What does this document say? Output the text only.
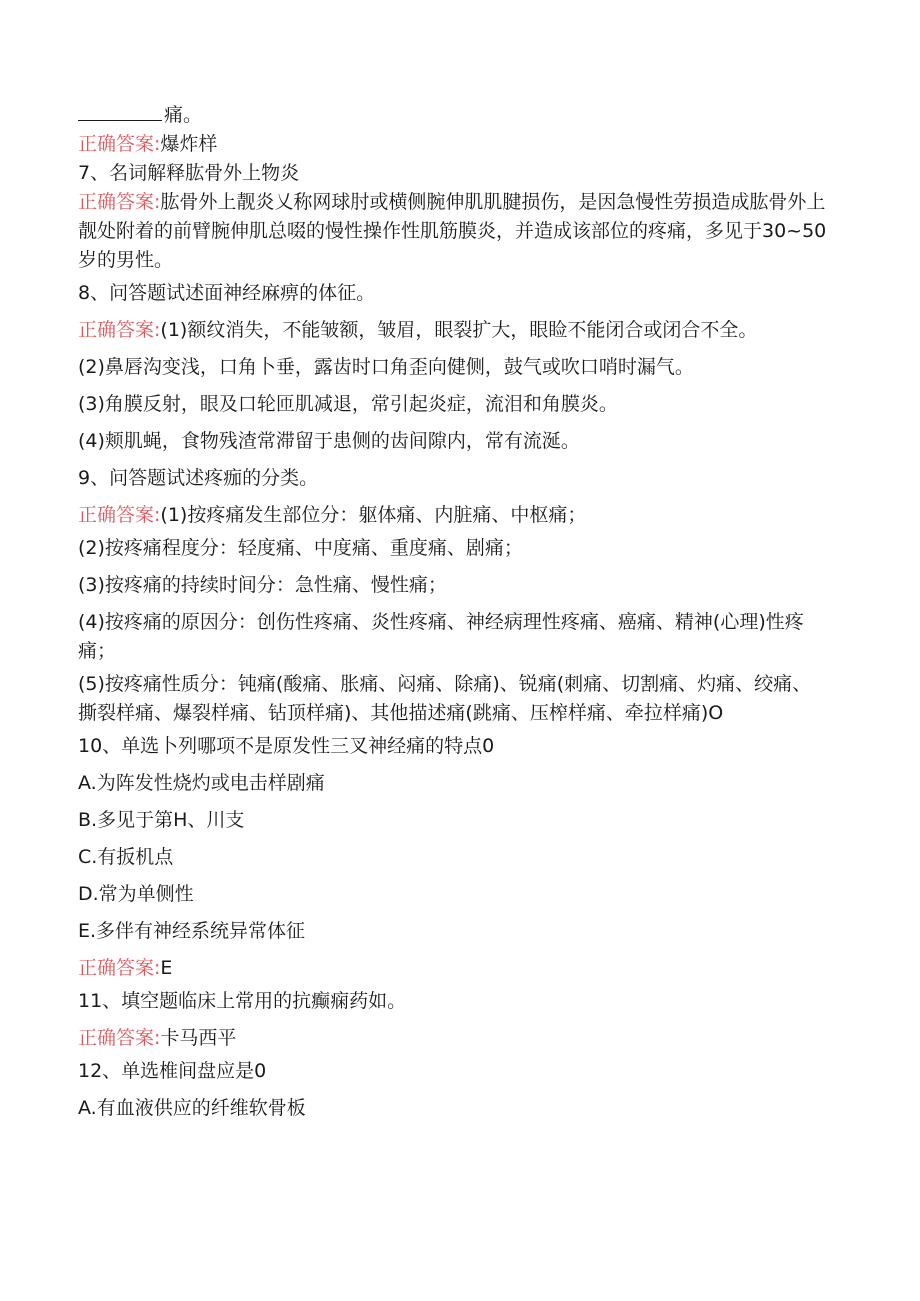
痛。
正确答案:爆炸样
7、名词解释肱骨外上物炎
正确答案:肱骨外上靓炎乂称网球肘或横侧腕伸肌肌腱损伤，是因急慢性劳损造成肱骨外上靓处附着的前臂腕伸肌总啜的慢性操作性肌筋膜炎，并造成该部位的疼痛，多见于30~50岁的男性。
8、问答题试述面神经麻痹的体征。
正确答案:(1)额纹消失，不能皱额，皱眉，眼裂扩大，眼睑不能闭合或闭合不全。
(2)鼻唇沟变浅，口角卜垂，露齿时口角歪向健侧，鼓气或吹口哨时漏气。
(3)角膜反射，眼及口轮匝肌减退，常引起炎症，流泪和角膜炎。
(4)颊肌蝇，食物残渣常滞留于患侧的齿间隙内，常有流涎。
9、问答题试述疼痂的分类。
正确答案:(1)按疼痛发生部位分：躯体痛、内脏痛、中枢痛；
(2)按疼痛程度分：轻度痛、中度痛、重度痛、剧痛；
(3)按疼痛的持续时间分：急性痛、慢性痛；
(4)按疼痛的原因分：创伤性疼痛、炎性疼痛、神经病理性疼痛、癌痛、精神(心理)性疼痛；
(5)按疼痛性质分：钝痛(酸痛、胀痛、闷痛、除痛)、锐痛(刺痛、切割痛、灼痛、绞痛、撕裂样痛、爆裂样痛、钻顶样痛)、其他描述痛(跳痛、压榨样痛、牵拉样痛)O
10、单选卜列哪项不是原发性三叉神经痛的特点0
A.为阵发性烧灼或电击样剧痛
B.多见于第H、川支
C.有扳机点
D.常为单侧性
E.多伴有神经系统异常体征
正确答案:E
11、填空题临床上常用的抗癫痫药如。
正确答案:卡马西平
12、单选椎间盘应是0
A.有血液供应的纤维软骨板
